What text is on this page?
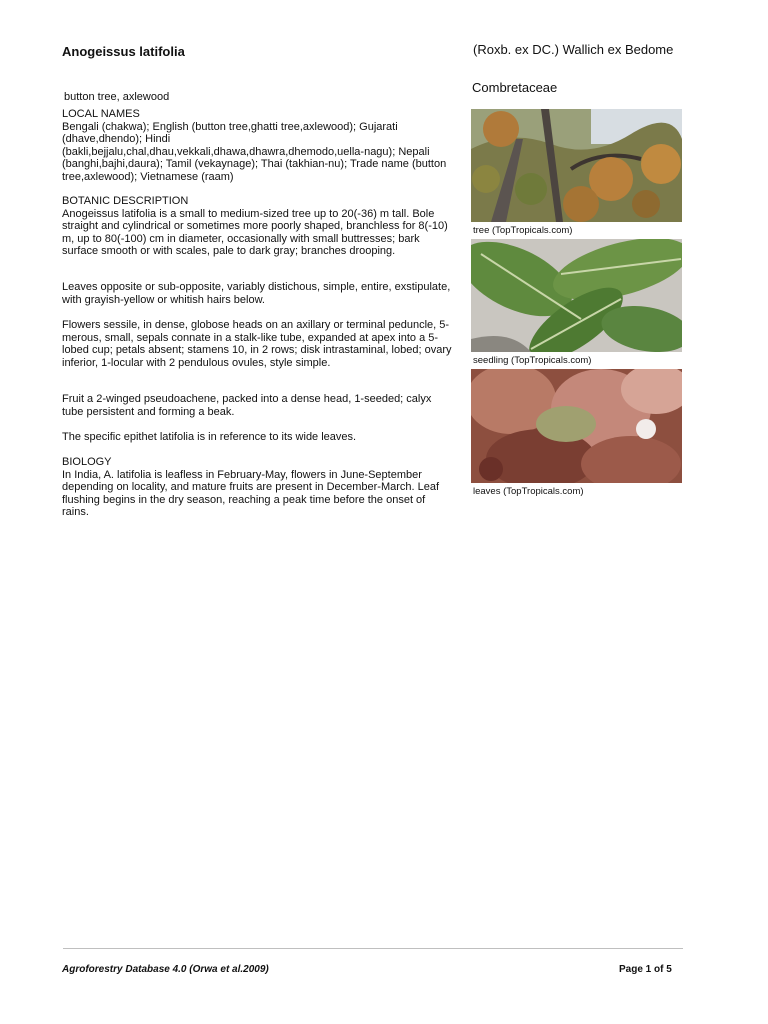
Anogeissus latifolia	(Roxb. ex DC.) Wallich ex Bedome
Combretaceae
button tree, axlewood
LOCAL NAMES
Bengali (chakwa); English (button tree,ghatti tree,axlewood); Gujarati (dhave,dhendo); Hindi (bakli,bejjalu,chal,dhau,vekkali,dhawa,dhawra,dhemodo,uella-nagu); Nepali (banghi,bajhi,daura); Tamil (vekaynage); Thai (takhian-nu); Trade name (button tree,axlewood); Vietnamese (raam)
BOTANIC DESCRIPTION
Anogeissus latifolia is a small to medium-sized tree up to 20(-36) m tall. Bole straight and cylindrical or sometimes more poorly shaped, branchless for 8(-10) m, up to 80(-100) cm in diameter, occasionally with small buttresses; bark surface smooth or with scales, pale to dark gray; branches drooping.
Leaves opposite or sub-opposite, variably distichous, simple, entire, exstipulate, with grayish-yellow or whitish hairs below.
Flowers sessile, in dense, globose heads on an axillary or terminal peduncle, 5-merous, small, sepals connate in a stalk-like tube, expanded at apex into a 5- lobed cup; petals absent; stamens 10, in 2 rows; disk intrastaminal, lobed; ovary inferior, 1-locular with 2 pendulous ovules, style simple.
Fruit a 2-winged pseudoachene, packed into a dense head, 1-seeded; calyx tube persistent and forming a beak.
The specific epithet latifolia is in reference to its wide leaves.
BIOLOGY
In India, A. latifolia is leafless in February-May, flowers in June-September depending on locality, and mature fruits are present in December-March. Leaf flushing begins in the dry season, reaching a peak time before the onset of rains.
tree (TopTropicals.com)
seedling (TopTropicals.com)
leaves (TopTropicals.com)
Agroforestry Database 4.0 (Orwa et al.2009)	Page 1 of 5
